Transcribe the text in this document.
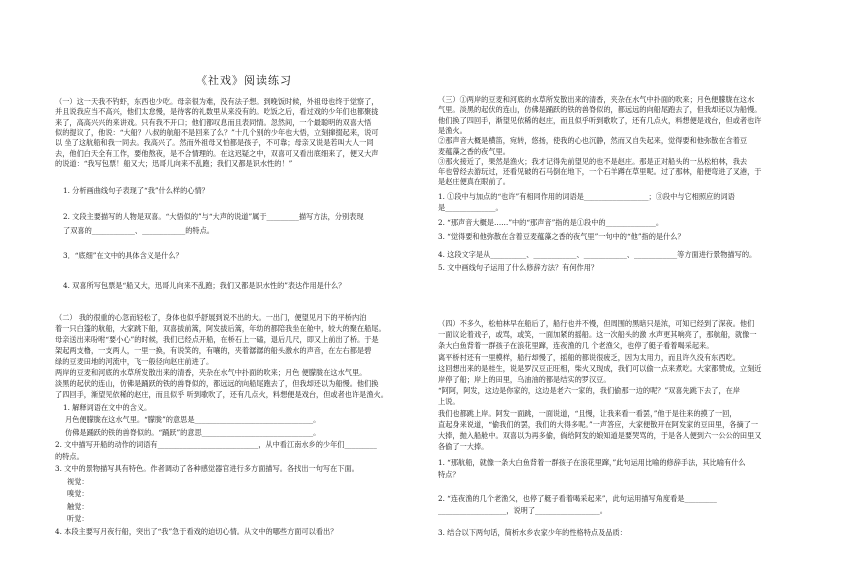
《社戏》阅读练习
（一）这一天我不钓虾，东西也少吃。母亲很为难，没有法子想。到晚饭时候，外祖母也终于觉察了，
并且说我应当不高兴，他们太怠慢，是待客的礼数里从来没有的。吃饭之后，看过戏的少年们也都聚拢
来了，高高兴兴的来讲戏。只有我不开口；他们都叹息而且表同情。忽然间，一个最聪明的双喜大悟
似的提议了，他说：“大船？八叔的航船不是回来了么？”十几个别的少年也大悟，立刻撺掇起来，说可
以 坐了这航船和我一同去。我高兴了。然而外祖母又怕都是孩子，不可靠；母亲又说是若叫大人一同
去，他们白天全有工作，要他熬夜，是不合情理的。在这迟疑之中，双喜可又看出底细来了，便又大声
的说道：“我写包票！船又大；迅哥儿向来不乱跑；我们又都是识水性的！”
1. 分析画曲线句子表现了“我”什么样的心情？
2. 文段主要描写的人物是双喜。“大悟似的”与“大声的说道”属于_________描写方法，分别表现
了双喜的____________、____________的特点。
3．“底细”在文中的具体含义是什么？
4. 双喜所写包票是“船又大，迅哥儿向来不乱跑；我们又都是识水性的”表达作用是什么？
（二） 我的很重的心忽而轻松了，身体也似乎舒展到说不出的大。一出门，便望见月下的平桥内泊
着一只白篷的航船，大家跳下船，双喜拔前篙，阿发拔后篙，年幼的都陪我坐在舱中，较大的聚在船尾。
母亲送出来吩咐“要小心”的时候，我们已经点开船，在桥石上一磕，退后几尺，即又上前出了桥。于是
架起两支橹，一支两人，一里一换，有说笑的，有嚷的，夹着潺潺的船头激水的声音，在左右都是碧
绿的豆麦田地的河流中，飞一般径向赵庄前进了。
两岸的豆麦和河底的水草所发散出来的清香，夹杂在水气中扑面的吹来；月色 便朦胧在这水气里。
淡黑的起伏的连山，仿佛是踊跃的铁的兽脊似的，都远远的向船尾跑去了，但我却还以为船慢。他们换
了四回手，渐望见依稀的赵庄，而且似乎 听到歌吹了，还有几点火，料想便是戏台，但或者也许是渔火。
1. 解释词语在文中的含义。
月色便朦胧在这水气里。“朦胧”的意思是_________________________________。
仿佛是踊跃的铁的兽脊似的。“踊跃”的意思_______________________________。
2. 文中描写开船的动作的词语有____________________________，从中看江南水乡的少年们_________
的特点。
3. 文中的景物描写具有特色。作者调动了各种感觉器官进行多方面描写。各找出一句写在下面。
视觉：
嗅觉：
触觉：
听觉：
4. 本段主要写月夜行船，突出了“我”急于看戏的迫切心情。从文中的哪些方面可以看出？
（三）①两岸的豆麦和河底的水草所发散出来的清香，夹杂在水气中扑面的吹来；月色便朦胧在这水
气里。淡黑的起伏的连山，仿佛是踊跃的铁的兽脊似的，都远远的向船尾跑去了，但我却还以为船慢。
他们换了四回手，渐望见依稀的赵庄，而且似乎听到歌吹了，还有几点火，料想便是戏台，但或者也许
是渔火。
②那声音大概是横笛，宛转，悠扬，使我的心也沉静，然而又自失起来，觉得要和他弥散在含着豆
麦蕴藻之香的夜气里。
③那火接近了，果然是渔火；我才记得先前望见的也不是赵庄。那是正对船头的一丛松柏林，我去
年也曾经去游玩过，还看见破的石马倒在地下，一个石羊蹲在草里呢。过了那林，船便弯进了叉港，于
是赵庄便真在眼前了。
1. ①段中与加点的“也许”有相同作用的词语是__________________；③段中与它相照应的词语
是______________。
2. “那声音大概是……”中的“那声音”指的是①段中的______________。
3. “觉得要和他弥散在含着豆麦蕴藻之香的夜气里”一句中的“他”指的是什么？
4. 这段文字是从__________、____________、____________、____________等方面进行景物描写的。
5. 文中画线句子运用了什么修辞方法？有何作用？
（四）不多久，松柏林早在船后了，船行也并不慢，但周围的黑暗只是浓，可知已经到了深夜。他们
一面议论着戏子，或骂，或笑，一面加紧的摇船。这一次船头的激 水声更其响亮了，那航船，就像一
条大白鱼背着一群孩子在浪花里蹿，连夜渔的几 个老渔父，也停了艇子看着喝采起来。
离平桥村还有一里模样，船行却慢了，摇船的都说很疲乏，因为太用力，而且许久没有东西吃。
这回想出来的是桂生，说是罗汉豆正旺相，柴火又现成，我们可以偷一点来煮吃。大家都赞成，立刻近
岸停了船；岸上的田里，乌油油的都是结实的罗汉豆。
“阿阿，阿发，这边是你家的，这边是老六一家的，我们偷那一边的呢？”双喜先跳下去了，在岸
上说。
我们也都跳上岸。阿发一面跳，一面说道，“且慢，让我来看一看罢，”他于是往来的摸了一回，
直起身来说道，“偷我们的罢，我们的大得多呢。”一声答应，大家便散开在阿发家的豆田里，各摘了一
大捧，抛入船舱中。双喜以为再多偷，倘给阿发的娘知道是要哭骂的，于是各人便到六一公公的田里又
各偷了一大捧。
1. “那航船，就像一条大白鱼背着一群孩子在浪花里蹿，”此句运用比喻的修辞手法，其比喻有什么
特点？
2. “连夜渔的几个老渔父，也停了艇子看着喝采起来”，此句运用描写角度看是_________
___________________，说明了__________________。
3. 结合以下两句话，简析水乡农家少年的性格特点及品质：
